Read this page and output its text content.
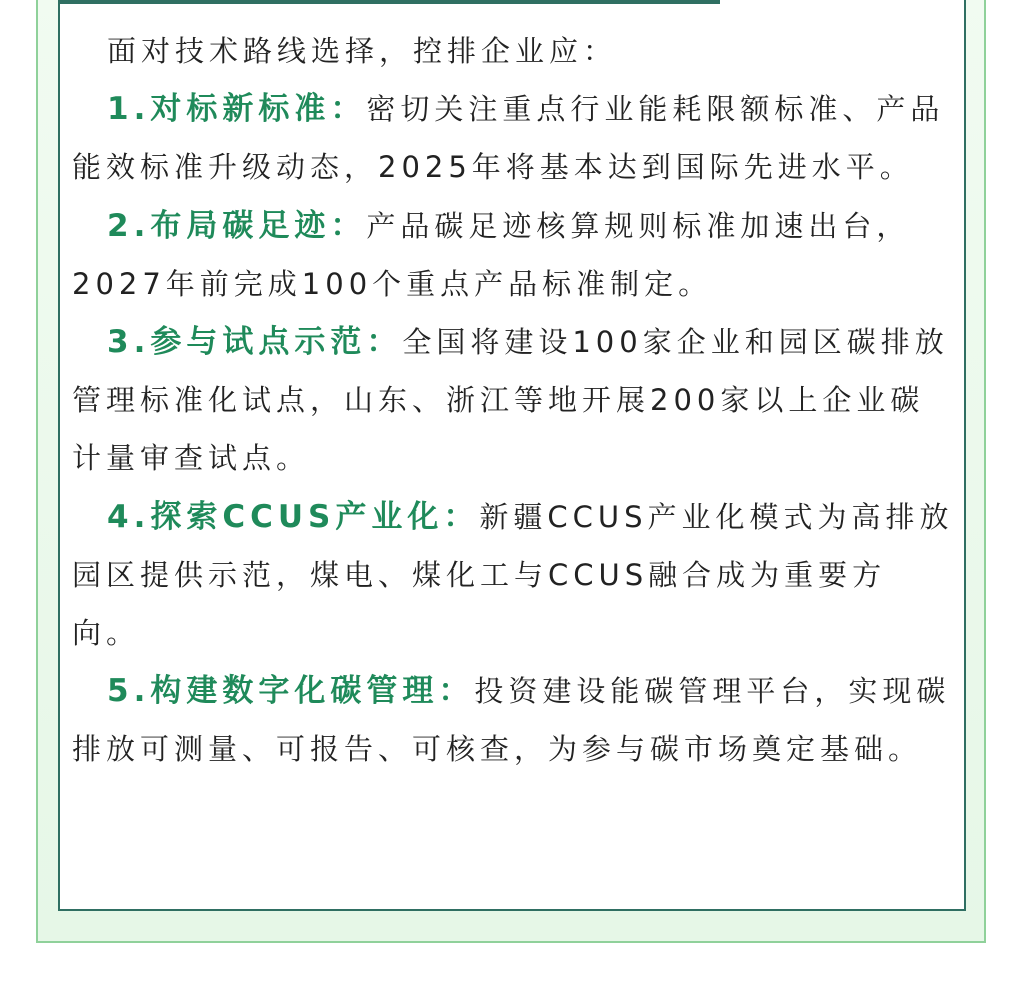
面对技术路线选择，控排企业应：

1.对标新标准：密切关注重点行业能耗限额标准、产品能效标准升级动态，2025年将基本达到国际先进水平。

2.布局碳足迹：产品碳足迹核算规则标准加速出台，2027年前完成100个重点产品标准制定。

3.参与试点示范：全国将建设100家企业和园区碳排放管理标准化试点，山东、浙江等地开展200家以上企业碳计量审查试点。

4.探索CCUS产业化：新疆CCUS产业化模式为高排放园区提供示范，煤电、煤化工与CCUS融合成为重要方向。

5.构建数字化碳管理：投资建设能碳管理平台，实现碳排放可测量、可报告、可核查，为参与碳市场奠定基础。
